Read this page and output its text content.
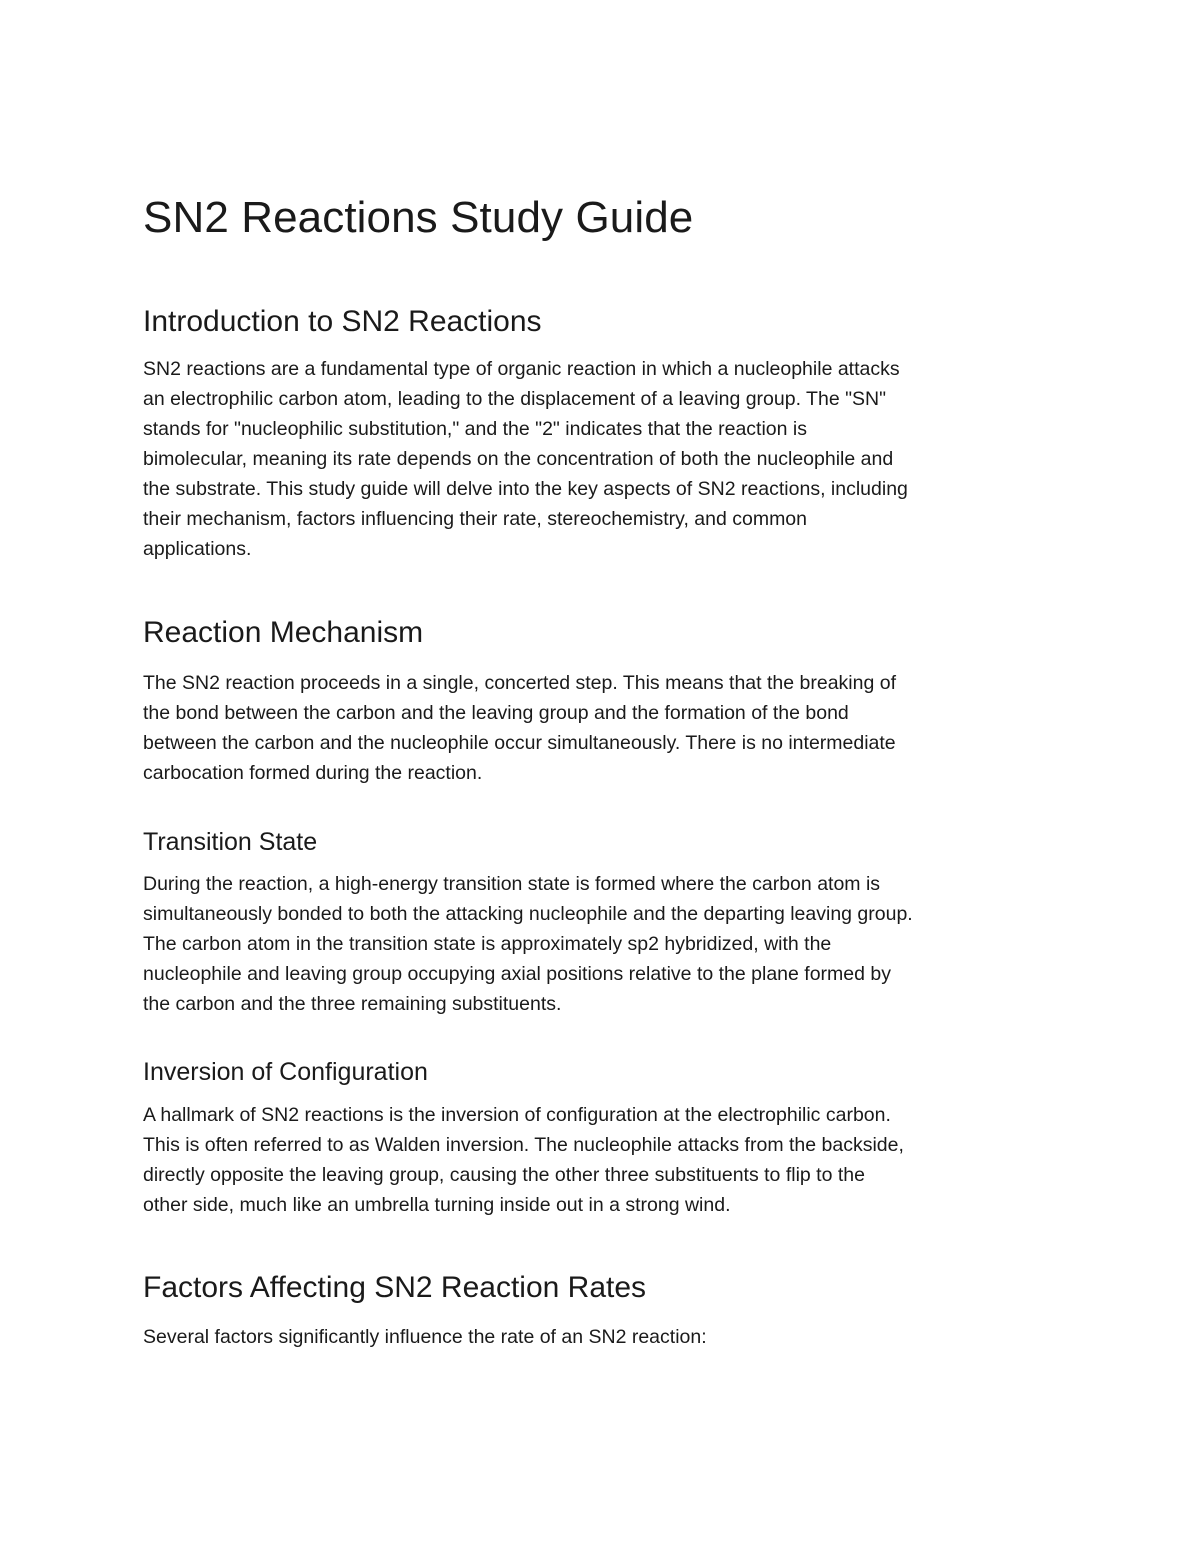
SN2 Reactions Study Guide
Introduction to SN2 Reactions
SN2 reactions are a fundamental type of organic reaction in which a nucleophile attacks
an electrophilic carbon atom, leading to the displacement of a leaving group. The "SN"
stands for "nucleophilic substitution," and the "2" indicates that the reaction is
bimolecular, meaning its rate depends on the concentration of both the nucleophile and
the substrate. This study guide will delve into the key aspects of SN2 reactions, including
their mechanism, factors influencing their rate, stereochemistry, and common
applications.
Reaction Mechanism
The SN2 reaction proceeds in a single, concerted step. This means that the breaking of
the bond between the carbon and the leaving group and the formation of the bond
between the carbon and the nucleophile occur simultaneously. There is no intermediate
carbocation formed during the reaction.
Transition State
During the reaction, a high-energy transition state is formed where the carbon atom is
simultaneously bonded to both the attacking nucleophile and the departing leaving group.
The carbon atom in the transition state is approximately sp2 hybridized, with the
nucleophile and leaving group occupying axial positions relative to the plane formed by
the carbon and the three remaining substituents.
Inversion of Configuration
A hallmark of SN2 reactions is the inversion of configuration at the electrophilic carbon.
This is often referred to as Walden inversion. The nucleophile attacks from the backside,
directly opposite the leaving group, causing the other three substituents to flip to the
other side, much like an umbrella turning inside out in a strong wind.
Factors Affecting SN2 Reaction Rates
Several factors significantly influence the rate of an SN2 reaction:
